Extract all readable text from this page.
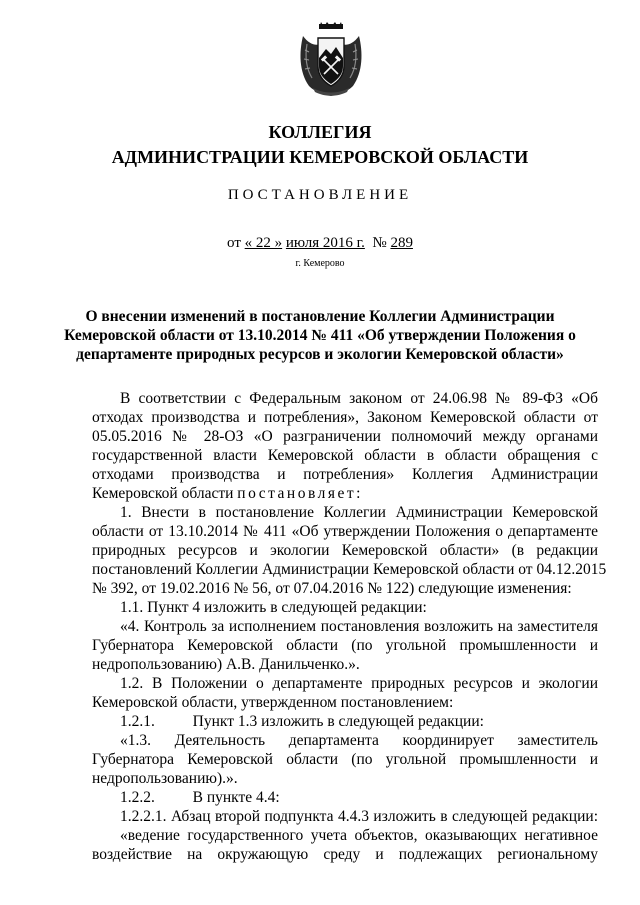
КОЛЛЕГИЯ
АДМИНИСТРАЦИИ КЕМЕРОВСКОЙ ОБЛАСТИ
ПОСТАНОВЛЕНИЕ
от « 22 » июля 2016 г. № 289
г. Кемерово
О внесении изменений в постановление Коллегии Администрации
Кемеровской области от 13.10.2014 № 411 «Об утверждении Положения о
департаменте природных ресурсов и экологии Кемеровской области»
В соответствии с Федеральным законом от 24.06.98 № 89-ФЗ «Об
отходах производства и потребления», Законом Кемеровской области от
05.05.2016 № 28-ОЗ «О разграничении полномочий между органами
государственной власти Кемеровской области в области обращения с
отходами производства и потребления» Коллегия Администрации
Кемеровской области постановляет:
1. Внести в постановление Коллегии Администрации Кемеровской
области от 13.10.2014 № 411 «Об утверждении Положения о департаменте
природных ресурсов и экологии Кемеровской области» (в редакции
постановлений Коллегии Администрации Кемеровской области от 04.12.2015
№ 392, от 19.02.2016 № 56, от 07.04.2016 № 122) следующие изменения:
1.1. Пункт 4 изложить в следующей редакции:
«4. Контроль за исполнением постановления возложить на заместителя
Губернатора Кемеровской области (по угольной промышленности и
недропользованию) А.В. Данильченко.».
1.2. В Положении о департаменте природных ресурсов и экологии
Кемеровской области, утвержденном постановлением:
1.2.1. Пункт 1.3 изложить в следующей редакции:
«1.3. Деятельность департамента координирует заместитель
Губернатора Кемеровской области (по угольной промышленности и
недропользованию).».
1.2.2. В пункте 4.4:
1.2.2.1. Абзац второй подпункта 4.4.3 изложить в следующей редакции:
«ведение государственного учета объектов, оказывающих негативное
воздействие на окружающую среду и подлежащих региональному
